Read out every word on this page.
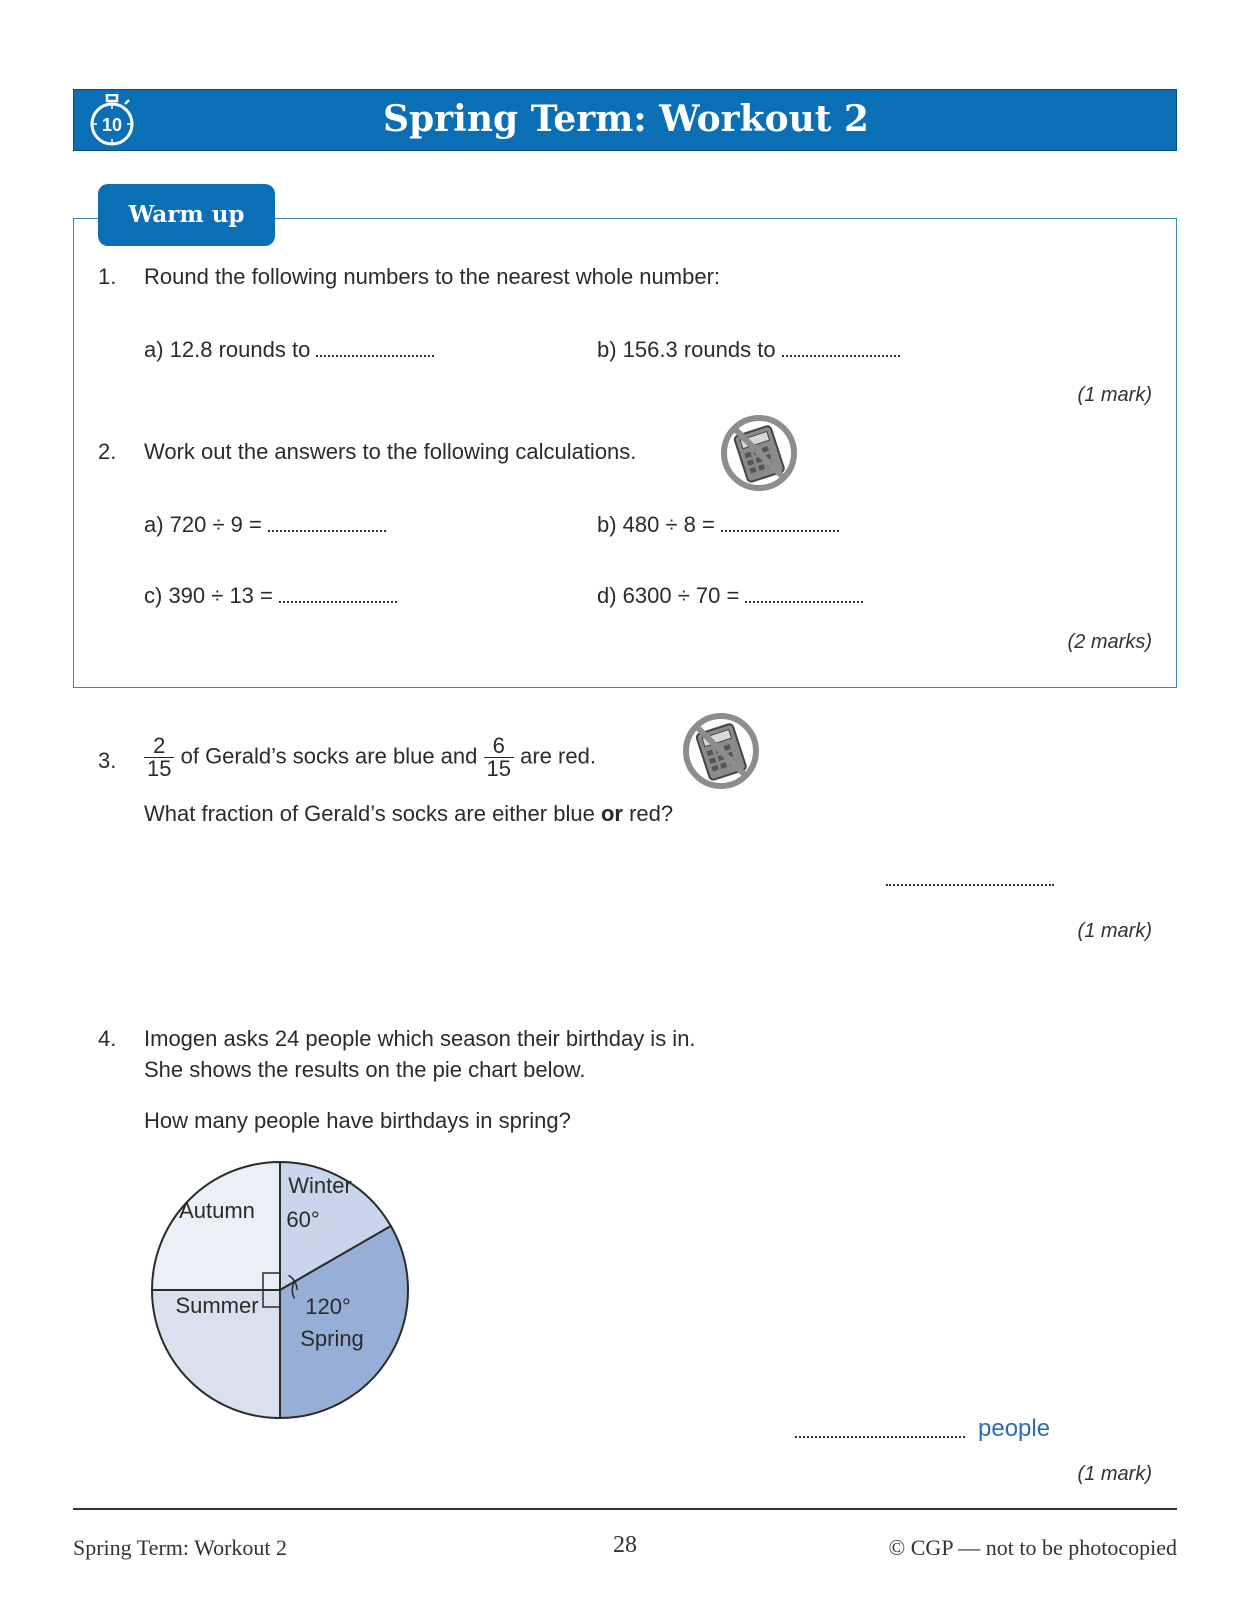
10	Spring Term: Workout 2
Warm up
1. Round the following numbers to the nearest whole number:
a) 12.8 rounds to	b) 156.3 rounds to
(1 mark)
2. Work out the answers to the following calculations.
a) 720 ÷ 9 =	b) 480 ÷ 8 =
c) 390 ÷ 13 =	d) 6300 ÷ 70 =
(2 marks)
3. $\frac{2}{15}$ of Gerald’s socks are blue and $\frac{6}{15}$ are red.
What fraction of Gerald’s socks are either blue or red?
(1 mark)
4. Imogen asks 24 people which season their birthday is in.
She shows the results on the pie chart below.
How many people have birthdays in spring?
Winter
60°
Spring
120°
Summer
Autumn
people
(1 mark)
Spring Term: Workout 2	28	© CGP — not to be photocopied
